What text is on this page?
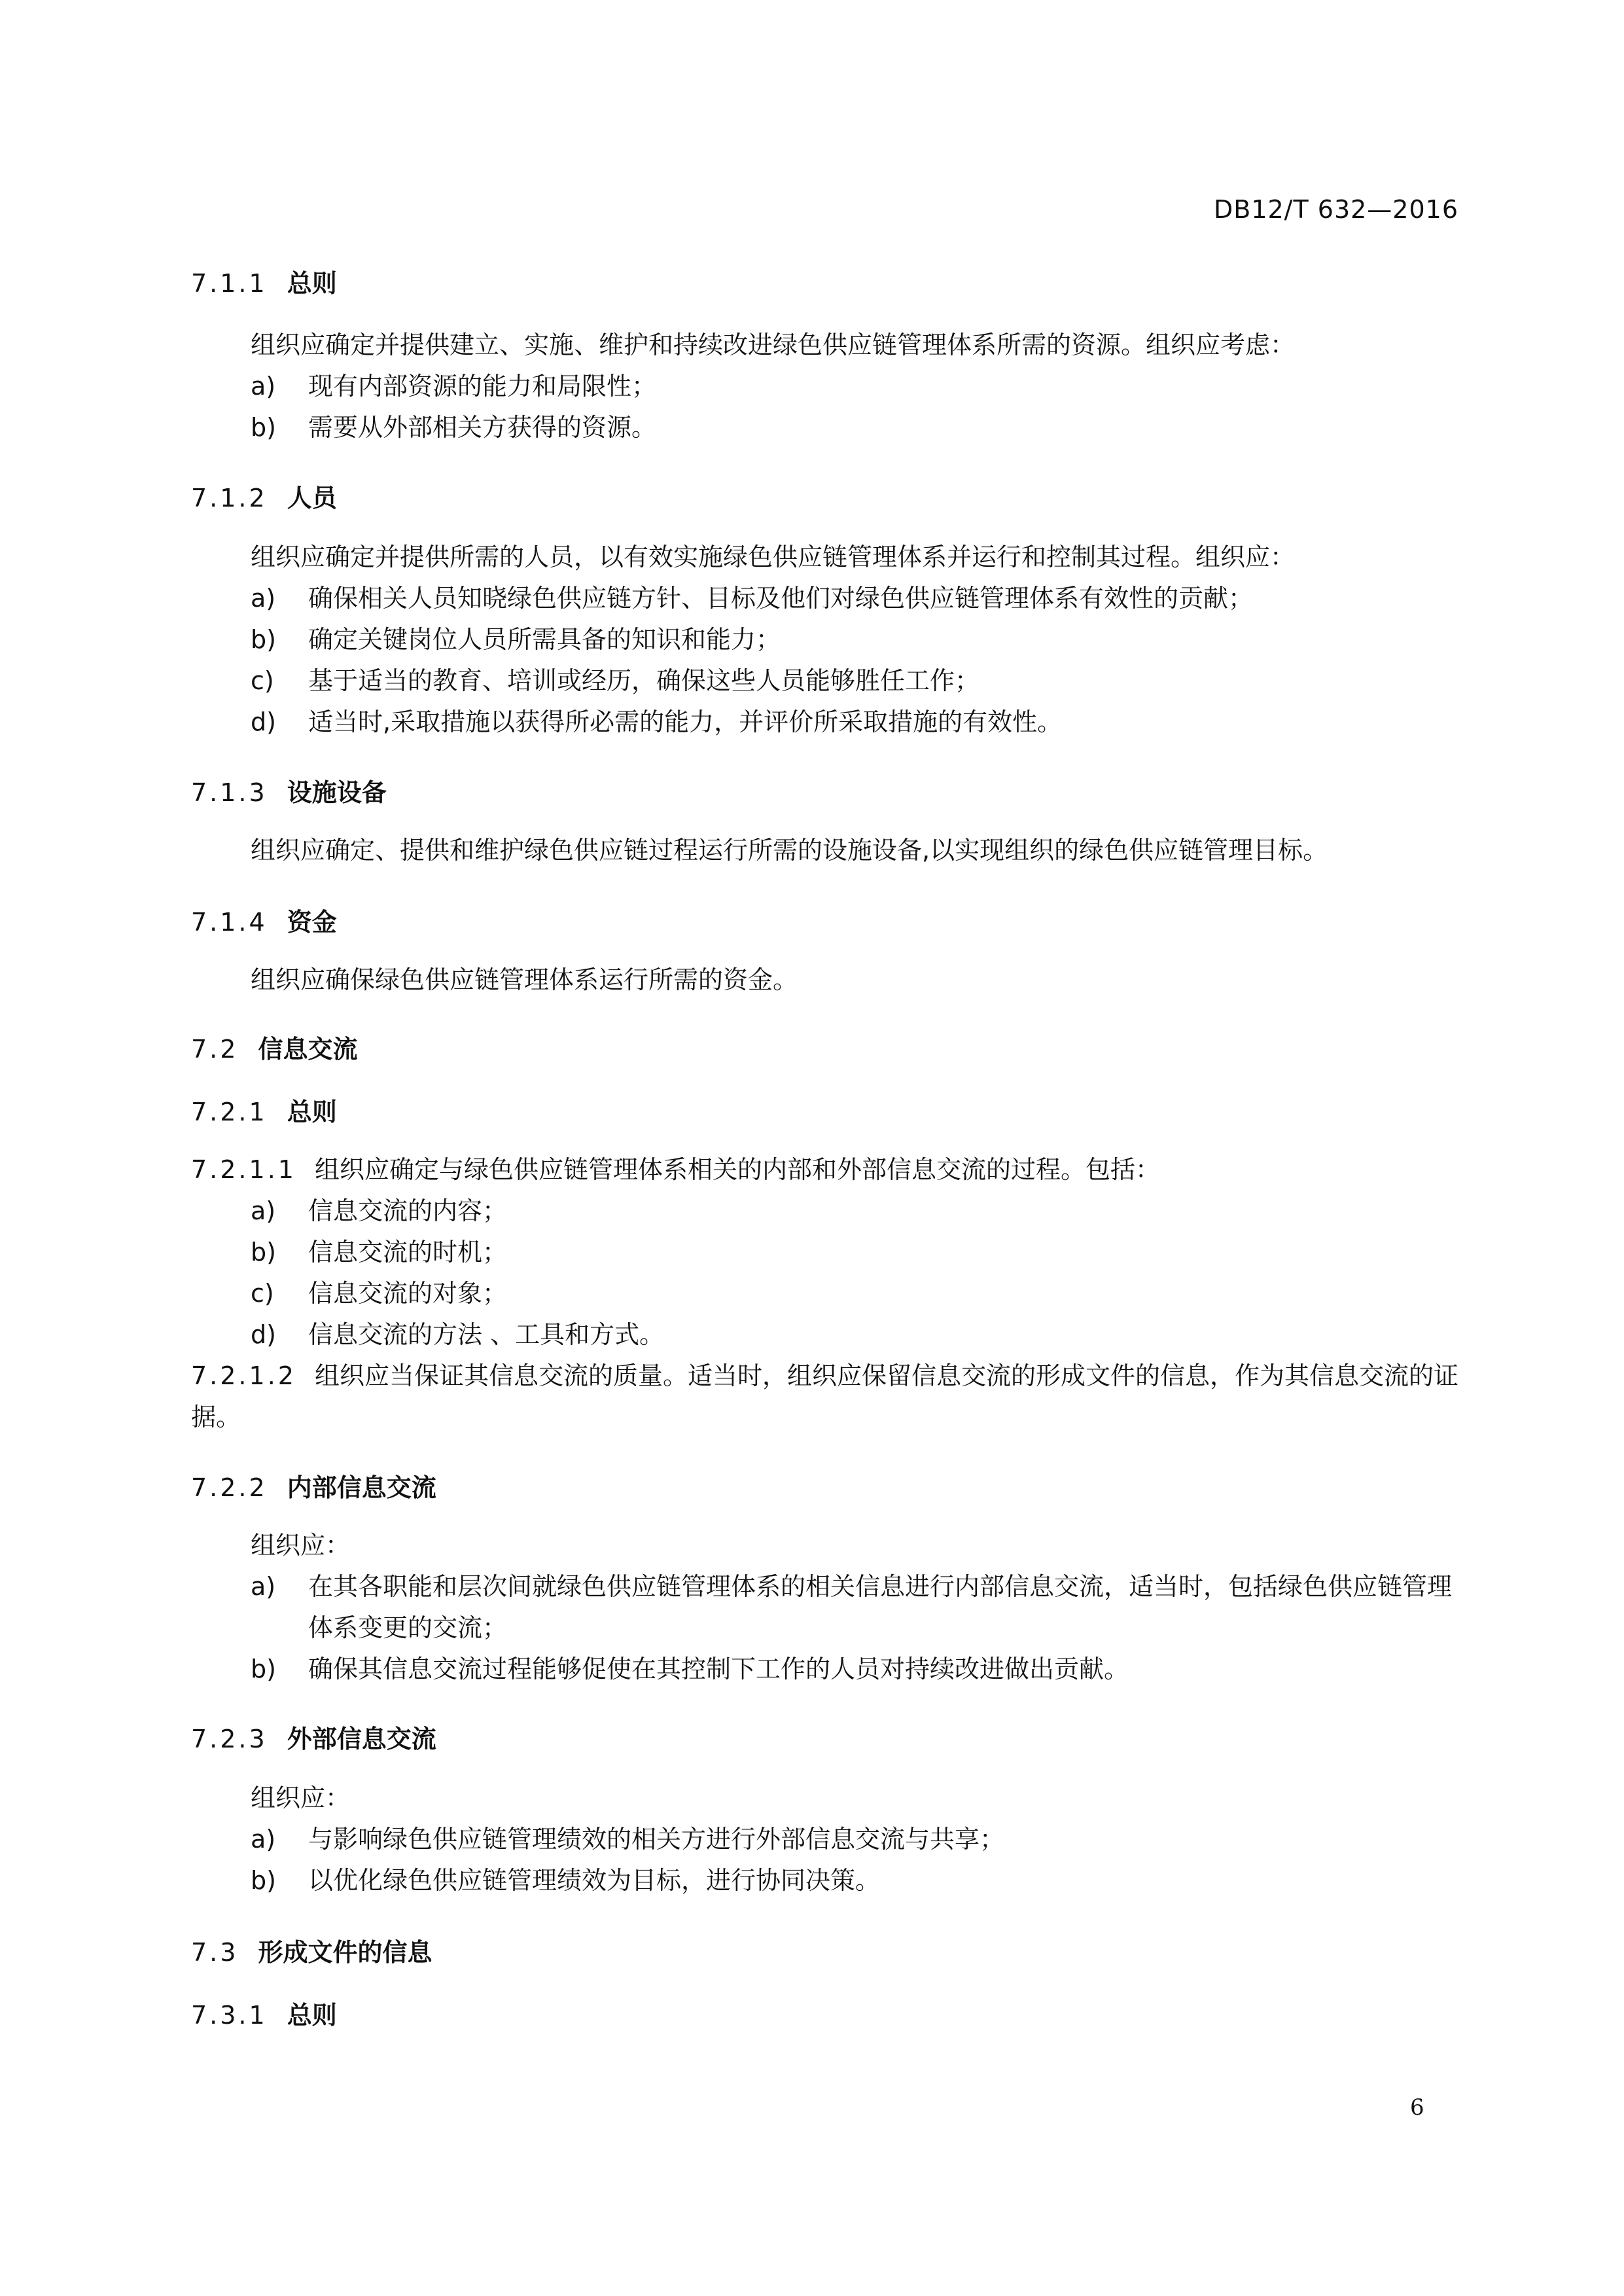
DB12/T 632—2016
7.1.1 总则
组织应确定并提供建立、实施、维护和持续改进绿色供应链管理体系所需的资源。组织应考虑：
a) 现有内部资源的能力和局限性；
b) 需要从外部相关方获得的资源。
7.1.2 人员
组织应确定并提供所需的人员，以有效实施绿色供应链管理体系并运行和控制其过程。组织应：
a) 确保相关人员知晓绿色供应链方针、目标及他们对绿色供应链管理体系有效性的贡献；
b) 确定关键岗位人员所需具备的知识和能力；
c) 基于适当的教育、培训或经历，确保这些人员能够胜任工作；
d) 适当时,采取措施以获得所必需的能力，并评价所采取措施的有效性。
7.1.3 设施设备
组织应确定、提供和维护绿色供应链过程运行所需的设施设备,以实现组织的绿色供应链管理目标。
7.1.4 资金
组织应确保绿色供应链管理体系运行所需的资金。
7.2 信息交流
7.2.1 总则
7.2.1.1 组织应确定与绿色供应链管理体系相关的内部和外部信息交流的过程。包括：
a) 信息交流的内容；
b) 信息交流的时机；
c) 信息交流的对象；
d) 信息交流的方法 、工具和方式。
7.2.1.2 组织应当保证其信息交流的质量。适当时，组织应保留信息交流的形成文件的信息，作为其信息交流的证据。
7.2.2 内部信息交流
组织应：
a) 在其各职能和层次间就绿色供应链管理体系的相关信息进行内部信息交流，适当时，包括绿色供应链管理体系变更的交流；
b) 确保其信息交流过程能够促使在其控制下工作的人员对持续改进做出贡献。
7.2.3 外部信息交流
组织应：
a) 与影响绿色供应链管理绩效的相关方进行外部信息交流与共享；
b) 以优化绿色供应链管理绩效为目标，进行协同决策。
7.3 形成文件的信息
7.3.1 总则
6
